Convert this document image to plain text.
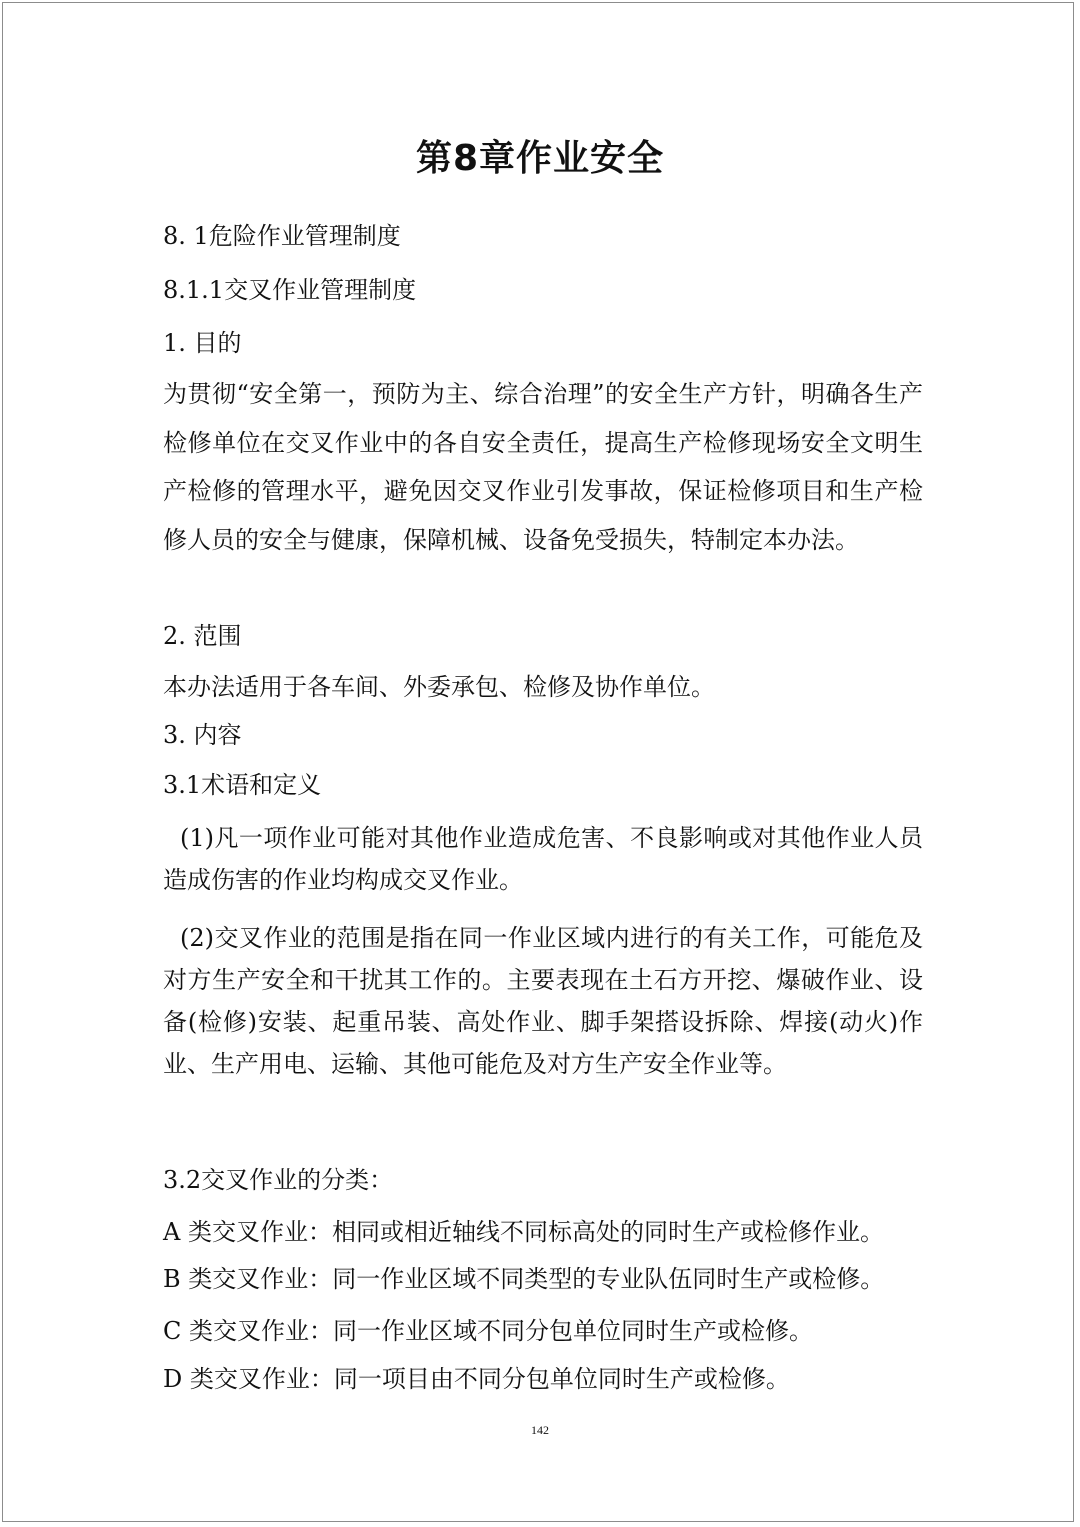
第8章作业安全
8. 1危险作业管理制度
8.1.1交叉作业管理制度
1. 目的
为贯彻“安全第一，预防为主、综合治理”的安全生产方针，明确各生产检修单位在交叉作业中的各自安全责任，提高生产检修现场安全文明生产检修的管理水平，避免因交叉作业引发事故，保证检修项目和生产检修人员的安全与健康，保障机械、设备免受损失，特制定本办法。
2. 范围
本办法适用于各车间、外委承包、检修及协作单位。
3. 内容
3.1术语和定义
(1)凡一项作业可能对其他作业造成危害、不良影响或对其他作业人员造成伤害的作业均构成交叉作业。
(2)交叉作业的范围是指在同一作业区域内进行的有关工作，可能危及对方生产安全和干扰其工作的。主要表现在土石方开挖、爆破作业、设备(检修)安装、起重吊装、高处作业、脚手架搭设拆除、焊接(动火)作业、生产用电、运输、其他可能危及对方生产安全作业等。
3.2交叉作业的分类：
A 类交叉作业：相同或相近轴线不同标高处的同时生产或检修作业。
B 类交叉作业：同一作业区域不同类型的专业队伍同时生产或检修。
C 类交叉作业：同一作业区域不同分包单位同时生产或检修。
D 类交叉作业：同一项目由不同分包单位同时生产或检修。
142
